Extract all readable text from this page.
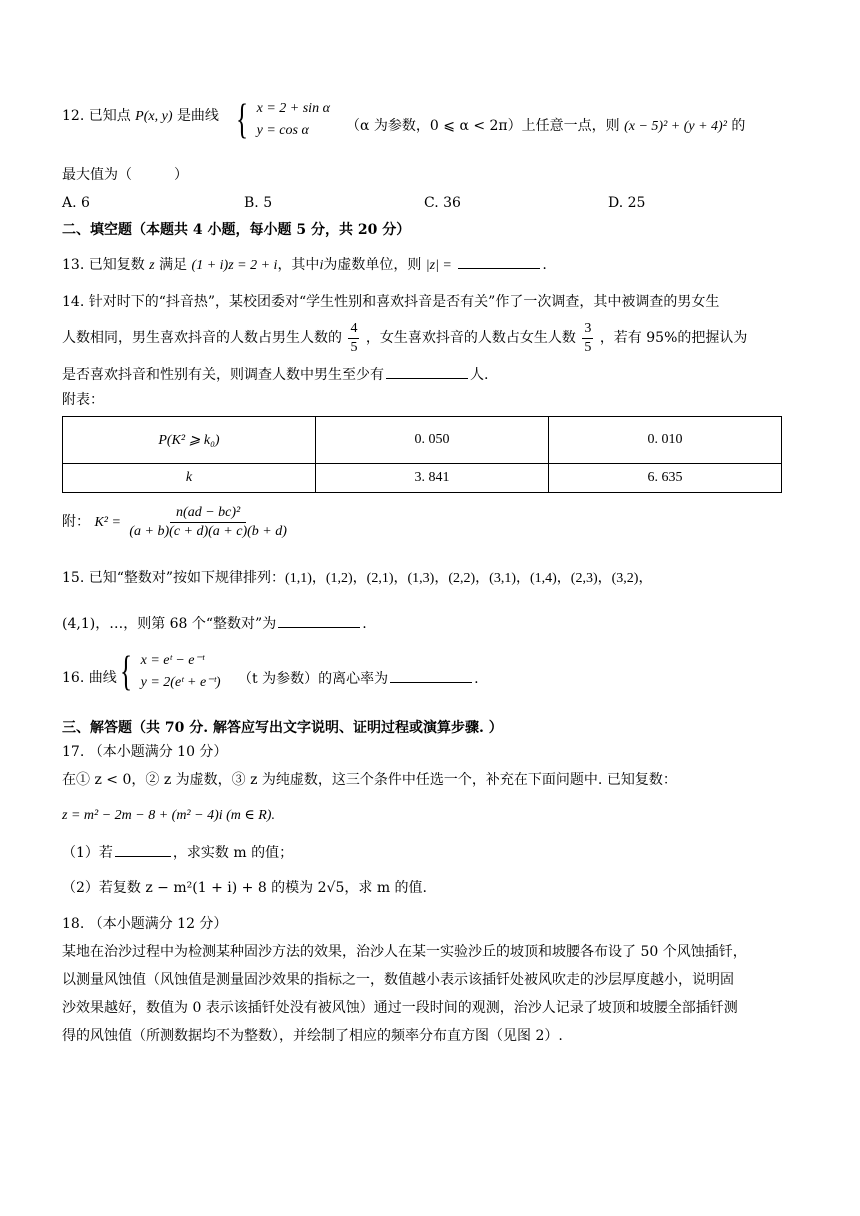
12. 已知点 P(x, y) 是曲线 { x = 2 + sin α
y = cos α	（α 为参数，0 ⩽ α < 2π）上任意一点，则 (x − 5)² + (y + 4)² 的
最大值为（　　　）
A. 6	B. 5	C. 36	D. 25
二、填空题（本题共 4 小题，每小题 5 分，共 20 分）
13. 已知复数 z 满足 (1 + i)z = 2 + i，其中i为虚数单位，则 |z| =	.
14. 针对时下的“抖音热”，某校团委对“学生性别和喜欢抖音是否有关”作了一次调查，其中被调查的男女生
人数相同，男生喜欢抖音的人数占男生人数的 $\frac{4}{5}$ ，女生喜欢抖音的人数占女生人数 $\frac{3}{5}$ ，若有 95%的把握认为
是否喜欢抖音和性别有关，则调查人数中男生至少有	人.
附表：
P(K² ⩾ k₀)	0. 050	0. 010
k	3. 841	6. 635
附： $K^2 = \frac{\text{n(ad − bc)²}}{(a + b)(c + d)(a + c)(b + d)}$
15. 已知“整数对”按如下规律排列：(1,1)，(1,2)，(2,1)，(1,3)，(2,2)，(3,1)，(1,4)，(2,3)，(3,2)，
(4,1)，…，则第 68 个“整数对”为	.
16. 曲线 { x = eᵗ − e⁻ᵗ
y = 2(eᵗ + e⁻ᵗ) （t 为参数）的离心率为	.
三、解答题（共 70 分. 解答应写出文字说明、证明过程或演算步骤. ）
17. （本小题满分 10 分）
在① z < 0，② z 为虚数，③ z 为纯虚数，这三个条件中任选一个，补充在下面问题中. 已知复数：
z = m² − 2m − 8 + (m² − 4)i (m ∈ R).
（1）若	，求实数 m 的值；
（2）若复数 z − m²(1 + i) + 8 的模为 2√5，求 m 的值.
18. （本小题满分 12 分）
某地在治沙过程中为检测某种固沙方法的效果，治沙人在某一实验沙丘的坡顶和坡腰各布设了 50 个风蚀插钎，
以测量风蚀值（风蚀值是测量固沙效果的指标之一，数值越小表示该插钎处被风吹走的沙层厚度越小，说明固
沙效果越好，数值为 0 表示该插钎处没有被风蚀）通过一段时间的观测，治沙人记录了坡顶和坡腰全部插钎测
得的风蚀值（所测数据均不为整数），并绘制了相应的频率分布直方图（见图 2）.
